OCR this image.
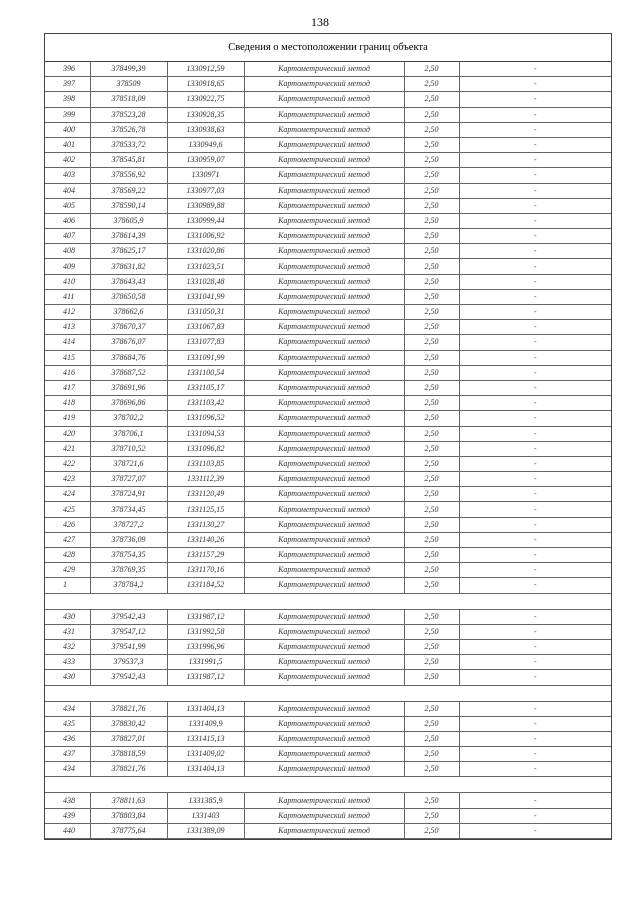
138
Сведения о местоположении границ объекта
396	378499,39	1330912,59	Картометрический метод	2,50	-
397	378509	1330918,65	Картометрический метод	2,50	-
398	378518,09	1330922,75	Картометрический метод	2,50	-
399	378523,28	1330928,35	Картометрический метод	2,50	-
400	378526,78	1330938,63	Картометрический метод	2,50	-
401	378533,72	1330949,6	Картометрический метод	2,50	-
402	378545,81	1330959,07	Картометрический метод	2,50	-
403	378556,92	1330971	Картометрический метод	2,50	-
404	378569,22	1330977,03	Картометрический метод	2,50	-
405	378590,14	1330989,88	Картометрический метод	2,50	-
406	378605,9	1330999,44	Картометрический метод	2,50	-
407	378614,39	1331006,92	Картометрический метод	2,50	-
408	378625,17	1331020,86	Картометрический метод	2,50	-
409	378631,82	1331023,51	Картометрический метод	2,50	-
410	378643,43	1331028,48	Картометрический метод	2,50	-
411	378650,58	1331041,99	Картометрический метод	2,50	-
412	378662,6	1331050,31	Картометрический метод	2,50	-
413	378670,37	1331067,83	Картометрический метод	2,50	-
414	378676,07	1331077,83	Картометрический метод	2,50	-
415	378684,76	1331091,99	Картометрический метод	2,50	-
416	378687,52	1331100,54	Картометрический метод	2,50	-
417	378691,96	1331105,17	Картометрический метод	2,50	-
418	378696,86	1331103,42	Картометрический метод	2,50	-
419	378702,2	1331096,52	Картометрический метод	2,50	-
420	378706,1	1331094,53	Картометрический метод	2,50	-
421	378710,52	1331096,82	Картометрический метод	2,50	-
422	378721,6	1331103,85	Картометрический метод	2,50	-
423	378727,07	1331112,39	Картометрический метод	2,50	-
424	378724,91	1331120,49	Картометрический метод	2,50	-
425	378734,45	1331125,15	Картометрический метод	2,50	-
426	378727,2	1331130,27	Картометрический метод	2,50	-
427	378736,09	1331140,26	Картометрический метод	2,50	-
428	378754,35	1331157,29	Картометрический метод	2,50	-
429	378769,35	1331170,16	Картометрический метод	2,50	-
1	378784,2	1331184,52	Картометрический метод	2,50	-

430	379542,43	1331987,12	Картометрический метод	2,50	-
431	379547,12	1331992,58	Картометрический метод	2,50	-
432	379541,99	1331996,96	Картометрический метод	2,50	-
433	379537,3	1331991,5	Картометрический метод	2,50	-
430	379542,43	1331987,12	Картометрический метод	2,50	-

434	378821,76	1331404,13	Картометрический метод	2,50	-
435	378830,42	1331409,9	Картометрический метод	2,50	-
436	378827,01	1331415,13	Картометрический метод	2,50	-
437	378818,59	1331409,02	Картометрический метод	2,50	-
434	378821,76	1331404,13	Картометрический метод	2,50	-

438	378811,63	1331385,9	Картометрический метод	2,50	-
439	378803,84	1331403	Картометрический метод	2,50	-
440	378775,64	1331389,09	Картометрический метод	2,50	-
